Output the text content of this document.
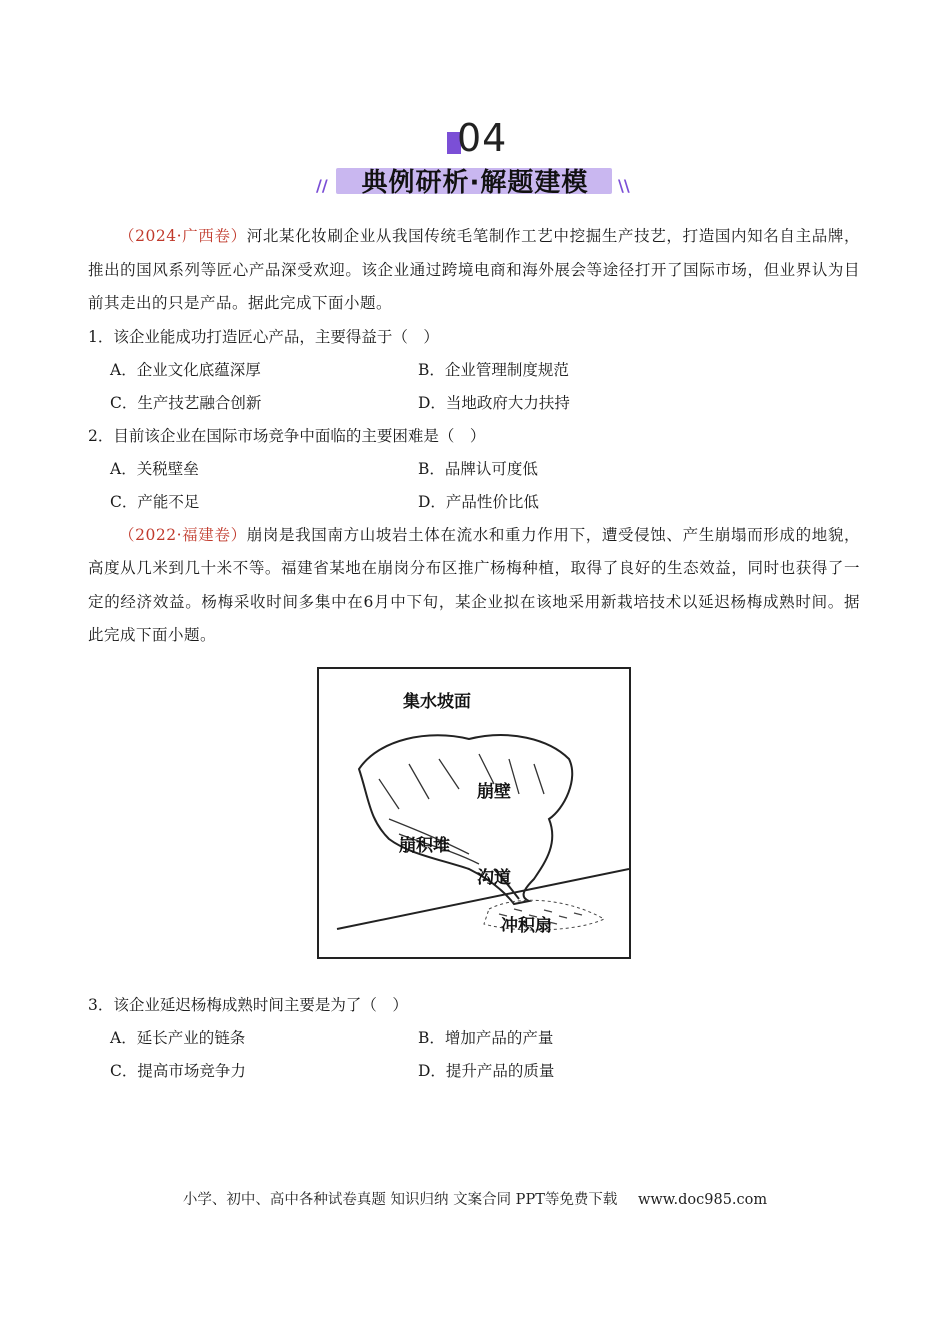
04
//	\\
典例研析·解题建模

（2024·广西卷）河北某化妆刷企业从我国传统毛笔制作工艺中挖掘生产技艺，打造国内知名自主品牌，推出的国风系列等匠心产品深受欢迎。该企业通过跨境电商和海外展会等途径打开了国际市场，但业界认为目前其走出的只是产品。据此完成下面小题。

1．该企业能成功打造匠心产品，主要得益于（　）

A．企业文化底蕴深厚	B．企业管理制度规范
C．生产技艺融合创新	D．当地政府大力扶持

2．目前该企业在国际市场竞争中面临的主要困难是（　）

A．关税壁垒	B．品牌认可度低
C．产能不足	D．产品性价比低

（2022·福建卷）崩岗是我国南方山坡岩土体在流水和重力作用下，遭受侵蚀、产生崩塌而形成的地貌，高度从几米到几十米不等。福建省某地在崩岗分布区推广杨梅种植，取得了良好的生态效益，同时也获得了一定的经济效益。杨梅采收时间多集中在6月中下旬，某企业拟在该地采用新栽培技术以延迟杨梅成熟时间。据此完成下面小题。

集水坡面
崩壁
崩积堆
沟道
冲积扇

3．该企业延迟杨梅成熟时间主要是为了（　）

A．延长产业的链条	B．增加产品的产量
C．提高市场竞争力	D．提升产品的质量
小学、初中、高中各种试卷真题 知识归纳 文案合同 PPT等免费下载 www.doc985.com
